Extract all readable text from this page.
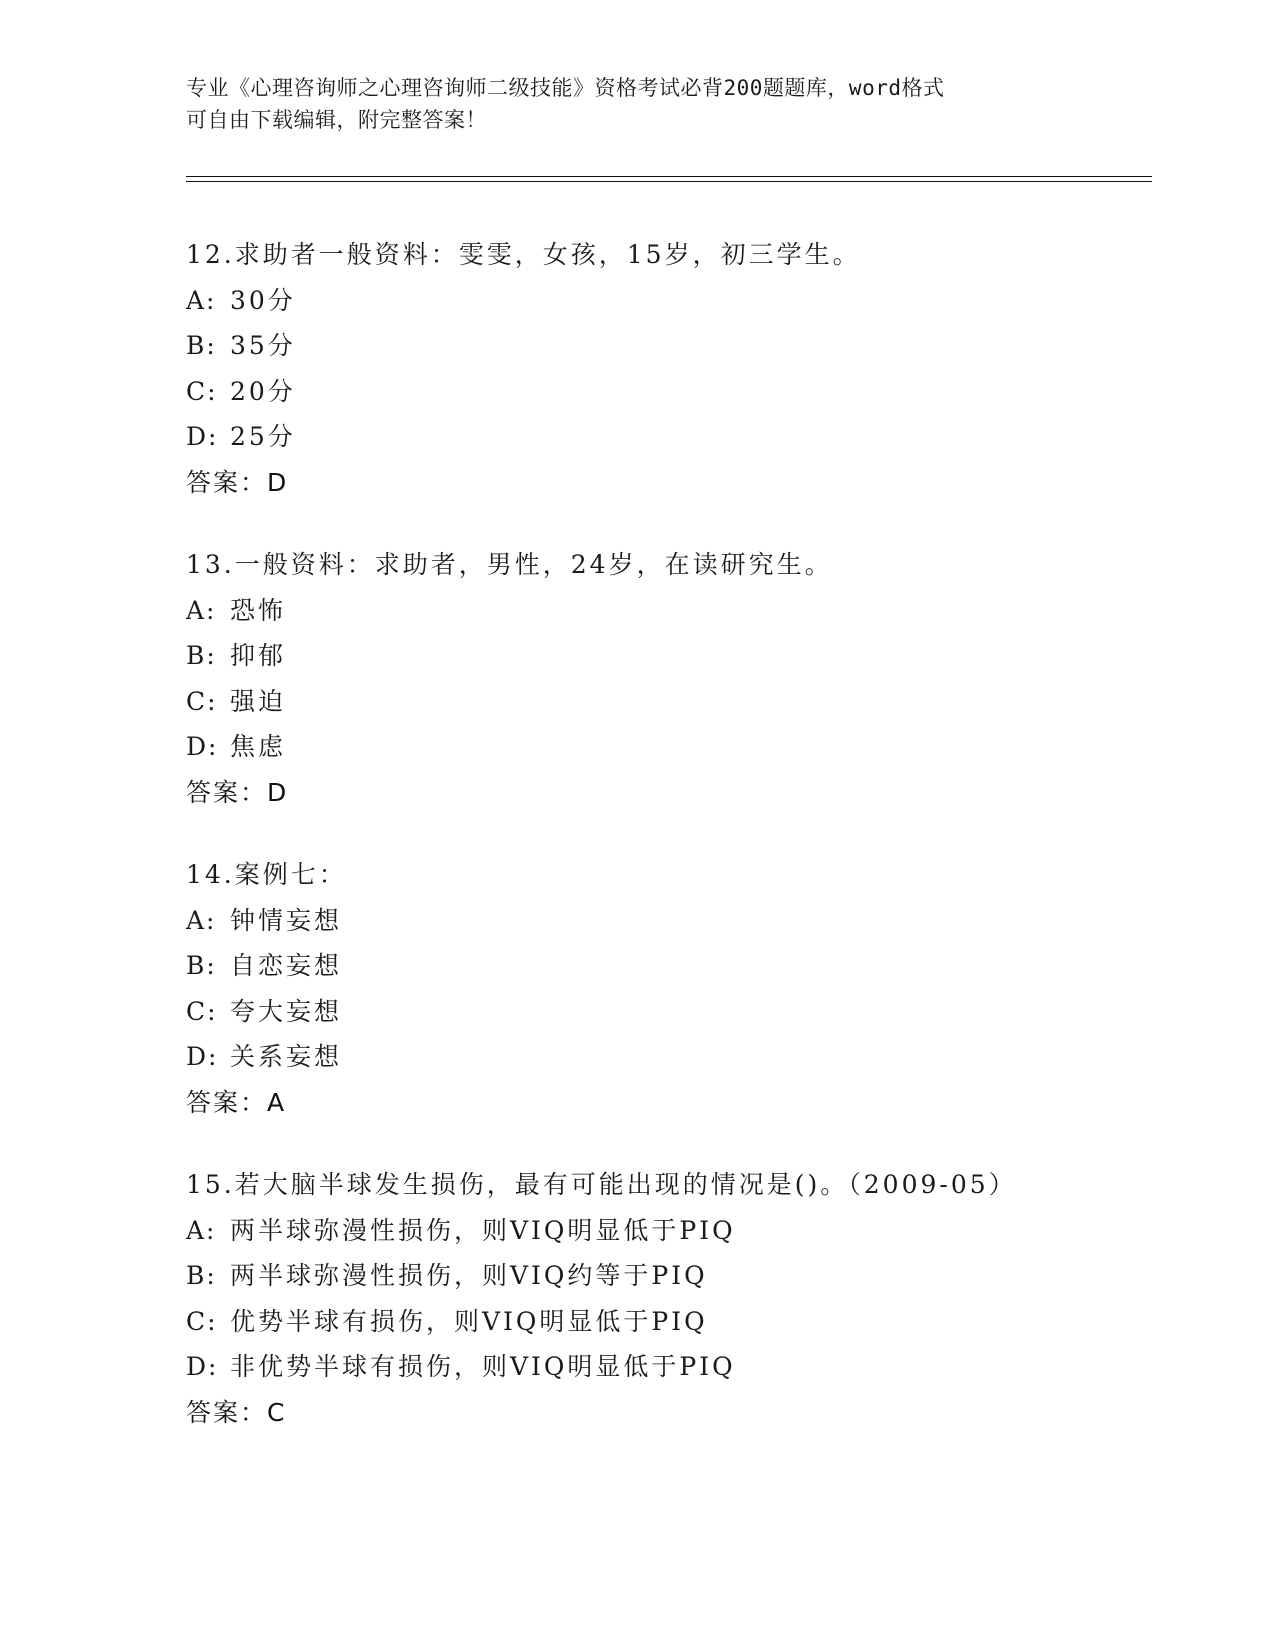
专业《心理咨询师之心理咨询师二级技能》资格考试必背200题题库，word格式
可自由下载编辑，附完整答案！
12.求助者一般资料：雯雯，女孩，15岁，初三学生。
A: 30分
B: 35分
C: 20分
D: 25分
答案：D
13.一般资料：求助者，男性，24岁，在读研究生。
A: 恐怖
B: 抑郁
C: 强迫
D: 焦虑
答案：D
14.案例七：
A: 钟情妄想
B: 自恋妄想
C: 夸大妄想
D: 关系妄想
答案：A
15.若大脑半球发生损伤，最有可能出现的情况是()。（2009-05）
A: 两半球弥漫性损伤，则VIQ明显低于PIQ
B: 两半球弥漫性损伤，则VIQ约等于PIQ
C: 优势半球有损伤，则VIQ明显低于PIQ
D: 非优势半球有损伤，则VIQ明显低于PIQ
答案：C
